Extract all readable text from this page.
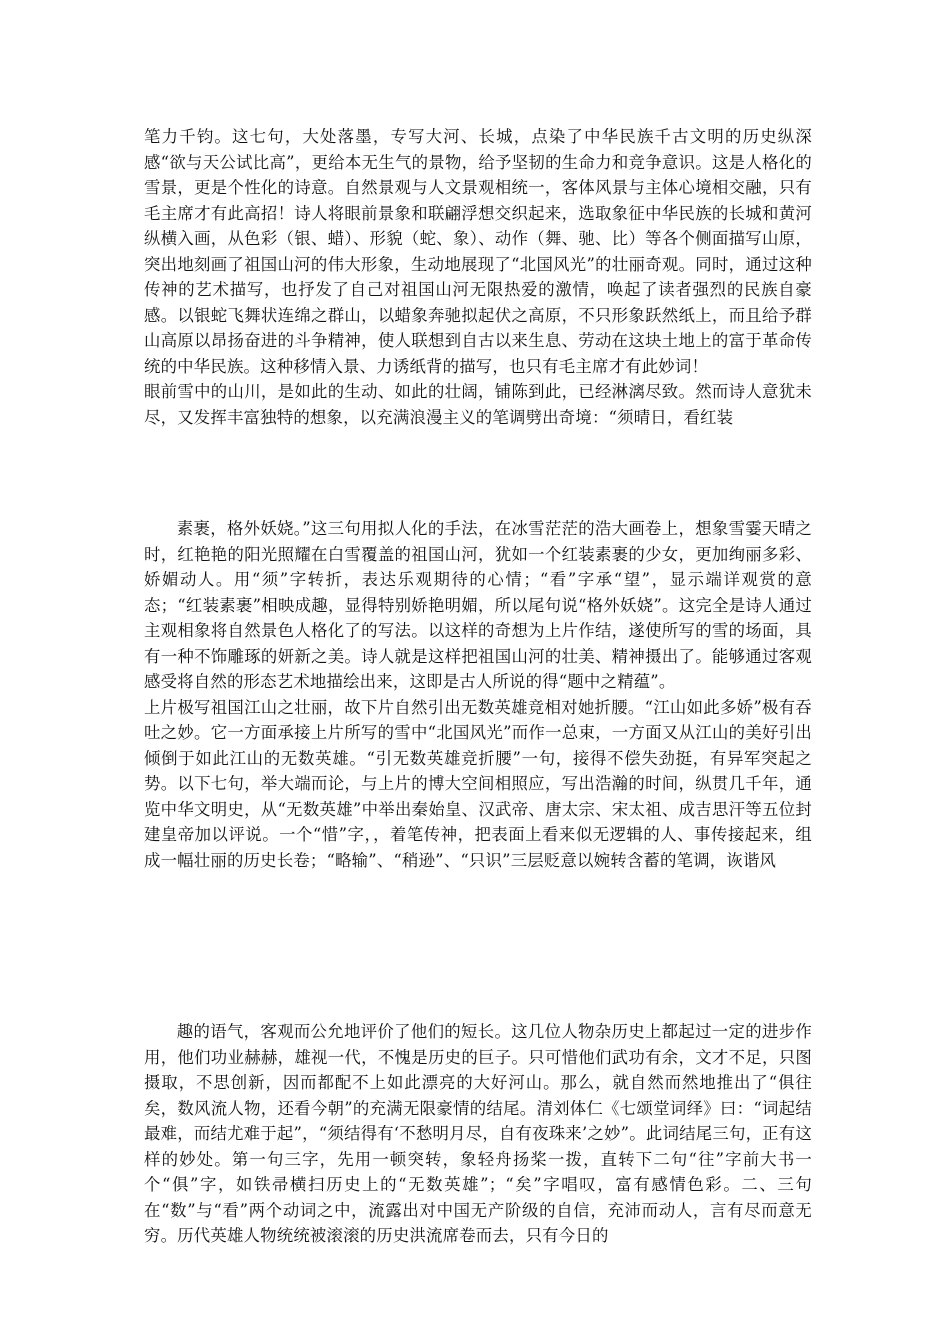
笔力千钧。这七句，大处落墨，专写大河、长城，点染了中华民族千古文明的历史纵深感“欲与天公试比高”，更给本无生气的景物，给予坚韧的生命力和竞争意识。这是人格化的雪景，更是个性化的诗意。自然景观与人文景观相统一，客体风景与主体心境相交融，只有毛主席才有此高招！诗人将眼前景象和联翩浮想交织起来，选取象征中华民族的长城和黄河纵横入画，从色彩（银、蜡）、形貌（蛇、象）、动作（舞、驰、比）等各个侧面描写山原，突出地刻画了祖国山河的伟大形象，生动地展现了“北国风光”的壮丽奇观。同时，通过这种传神的艺术描写，也抒发了自己对祖国山河无限热爱的激情，唤起了读者强烈的民族自豪感。以银蛇飞舞状连绵之群山，以蜡象奔驰拟起伏之高原，不只形象跃然纸上，而且给予群山高原以昂扬奋进的斗争精神，使人联想到自古以来生息、劳动在这块土地上的富于革命传统的中华民族。这种移情入景、力诱纸背的描写，也只有毛主席才有此妙词！

眼前雪中的山川，是如此的生动、如此的壮阔，铺陈到此，已经淋漓尽致。然而诗人意犹未尽，又发挥丰富独特的想象，以充满浪漫主义的笔调劈出奇境：“须晴日，看红装

素裹，格外妖娆。”这三句用拟人化的手法，在冰雪茫茫的浩大画卷上，想象雪霎天晴之时，红艳艳的阳光照耀在白雪覆盖的祖国山河，犹如一个红装素裹的少女，更加绚丽多彩、娇媚动人。用“须”字转折，表达乐观期待的心情；“看”字承“望”，显示端详观赏的意态；“红装素裹”相映成趣，显得特别娇艳明媚，所以尾句说“格外妖娆”。这完全是诗人通过主观相象将自然景色人格化了的写法。以这样的奇想为上片作结，遂使所写的雪的场面，具有一种不饰雕琢的妍新之美。诗人就是这样把祖国山河的壮美、精神摄出了。能够通过客观感受将自然的形态艺术地描绘出来，这即是古人所说的得“题中之精蕴”。

上片极写祖国江山之壮丽，故下片自然引出无数英雄竞相对她折腰。“江山如此多娇”极有吞吐之妙。它一方面承接上片所写的雪中“北国风光”而作一总束，一方面又从江山的美好引出倾倒于如此江山的无数英雄。“引无数英雄竞折腰”一句，接得不偿失劲挺，有异军突起之势。以下七句，举大端而论，与上片的博大空间相照应，写出浩瀚的时间，纵贯几千年，通览中华文明史，从“无数英雄”中举出秦始皇、汉武帝、唐太宗、宋太祖、成吉思汗等五位封建皇帝加以评说。一个“惜”字，，着笔传神，把表面上看来似无逻辑的人、事传接起来，组成一幅壮丽的历史长卷；“略输”、“稍逊”、“只识”三层贬意以婉转含蓄的笔调，诙谐风

趣的语气，客观而公允地评价了他们的短长。这几位人物杂历史上都起过一定的进步作用，他们功业赫赫，雄视一代，不愧是历史的巨子。只可惜他们武功有余，文才不足，只图摄取，不思创新，因而都配不上如此漂亮的大好河山。那么，就自然而然地推出了“俱往矣，数风流人物，还看今朝”的充满无限豪情的结尾。清刘体仁《七颂堂词绎》曰：“词起结最难，而结尤难于起”，“须结得有‘不愁明月尽，自有夜珠来’之妙”。此词结尾三句，正有这样的妙处。第一句三字，先用一顿突转，象轻舟扬桨一拨，直转下二句“往”字前大书一个“俱”字，如铁帚横扫历史上的“无数英雄”；“矣”字唱叹，富有感情色彩。二、三句在“数”与“看”两个动词之中，流露出对中国无产阶级的自信，充沛而动人，言有尽而意无穷。历代英雄人物统统被滚滚的历史洪流席卷而去，只有今日的
